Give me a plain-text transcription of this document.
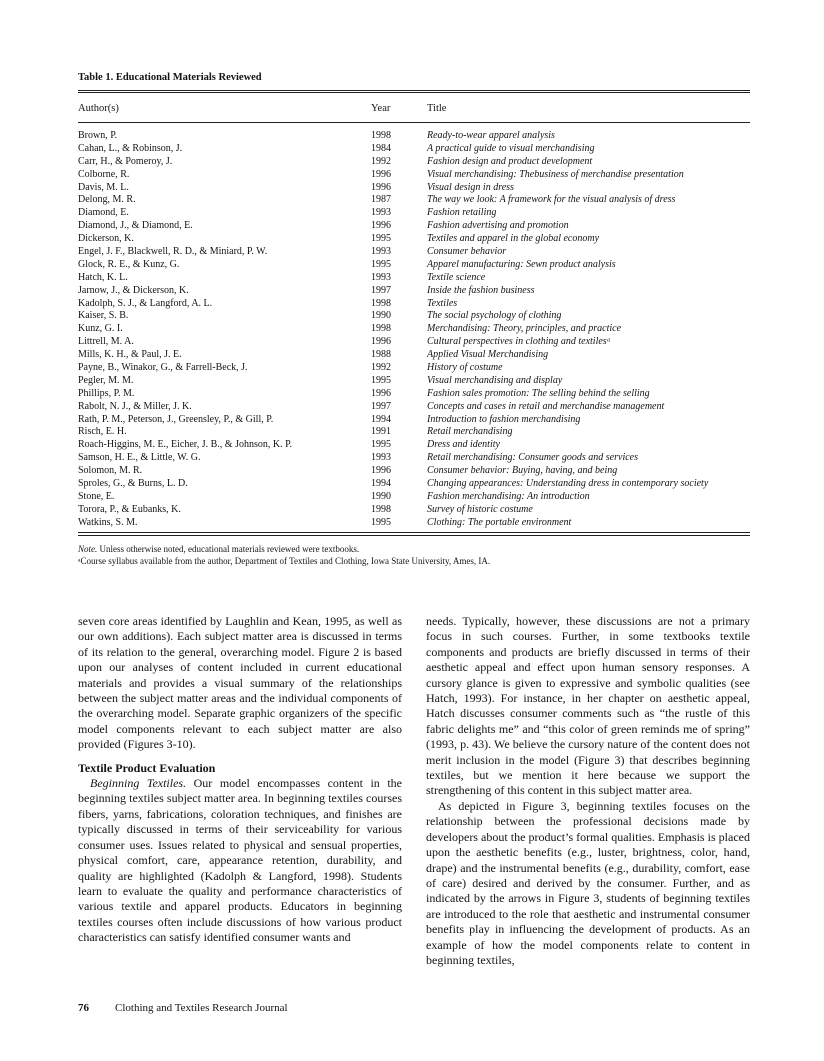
Table 1. Educational Materials Reviewed
Author(s)	Year	Title
Brown, P.	1998	Ready-to-wear apparel analysis
Cahan, L., & Robinson, J.	1984	A practical guide to visual merchandising
Carr, H., & Pomeroy, J.	1992	Fashion design and product development
Colborne, R.	1996	Visual merchandising: Thebusiness of merchandise presentation
Davis, M. L.	1996	Visual design in dress
Delong, M. R.	1987	The way we look: A framework for the visual analysis of dress
Diamond, E.	1993	Fashion retailing
Diamond, J., & Diamond, E.	1996	Fashion advertising and promotion
Dickerson, K.	1995	Textiles and apparel in the global economy
Engel, J. F., Blackwell, R. D., & Miniard, P. W.	1993	Consumer behavior
Glock, R. E., & Kunz, G.	1995	Apparel manufacturing: Sewn product analysis
Hatch, K. L.	1993	Textile science
Jarnow, J., & Dickerson, K.	1997	Inside the fashion business
Kadolph, S. J., & Langford, A. L.	1998	Textiles
Kaiser, S. B.	1990	The social psychology of clothing
Kunz, G. I.	1998	Merchandising: Theory, principles, and practice
Littrell, M. A.	1996	Cultural perspectives in clothing and textilesᵃ
Mills, K. H., & Paul, J. E.	1988	Applied Visual Merchandising
Payne, B., Winakor, G., & Farrell-Beck, J.	1992	History of costume
Pegler, M. M.	1995	Visual merchandising and display
Phillips, P. M.	1996	Fashion sales promotion: The selling behind the selling
Rabolt, N. J., & Miller, J. K.	1997	Concepts and cases in retail and merchandise management
Rath, P. M., Peterson, J., Greensley, P., & Gill, P.	1994	Introduction to fashion merchandising
Risch, E. H.	1991	Retail merchandising
Roach-Higgins, M. E., Eicher, J. B., & Johnson, K. P.	1995	Dress and identity
Samson, H. E., & Little, W. G.	1993	Retail merchandising: Consumer goods and services
Solomon, M. R.	1996	Consumer behavior: Buying, having, and being
Sproles, G., & Burns, L. D.	1994	Changing appearances: Understanding dress in contemporary society
Stone, E.	1990	Fashion merchandising: An introduction
Torora, P., & Eubanks, K.	1998	Survey of historic costume
Watkins, S. M.	1995	Clothing: The portable environment
Note. Unless otherwise noted, educational materials reviewed were textbooks.
ᵃCourse syllabus available from the author, Department of Textiles and Clothing, Iowa State University, Ames, IA.

seven core areas identified by Laughlin and Kean, 1995, as well as our own additions). Each subject matter area is discussed in terms of its relation to the general, overarching model. Figure 2 is based upon our analyses of content included in current educational materials and provides a visual summary of the relationships between the subject matter areas and the individual components of the overarching model. Separate graphic organizers of the specific model components relevant to each subject matter are also provided (Figures 3-10).

Textile Product Evaluation

Beginning Textiles. Our model encompasses content in the beginning textiles subject matter area. In beginning textiles courses fibers, yarns, fabrications, coloration techniques, and finishes are typically discussed in terms of their serviceability for various consumer uses. Issues related to physical and sensual properties, physical comfort, care, appearance retention, durability, and quality are highlighted (Kadolph & Langford, 1998). Students learn to evaluate the quality and performance characteristics of various textile and apparel products. Educators in beginning textiles courses often include discussions of how various product characteristics can satisfy identified consumer wants and

needs. Typically, however, these discussions are not a primary focus in such courses. Further, in some textbooks textile components and products are briefly discussed in terms of their aesthetic appeal and effect upon human sensory responses. A cursory glance is given to expressive and symbolic qualities (see Hatch, 1993). For instance, in her chapter on aesthetic appeal, Hatch discusses consumer comments such as “the rustle of this fabric delights me” and “this color of green reminds me of spring” (1993, p. 43). We believe the cursory nature of the content does not merit inclusion in the model (Figure 3) that describes beginning textiles, but we mention it here because we support the strengthening of this content in this subject matter area.

As depicted in Figure 3, beginning textiles focuses on the relationship between the professional decisions made by developers about the product’s formal qualities. Emphasis is placed upon the aesthetic benefits (e.g., luster, brightness, color, hand, drape) and the instrumental benefits (e.g., durability, comfort, ease of care) desired and derived by the consumer. Further, and as indicated by the arrows in Figure 3, students of beginning textiles are introduced to the role that aesthetic and instrumental consumer benefits play in influencing the development of products. As an example of how the model components relate to content in beginning textiles,

76 Clothing and Textiles Research Journal
